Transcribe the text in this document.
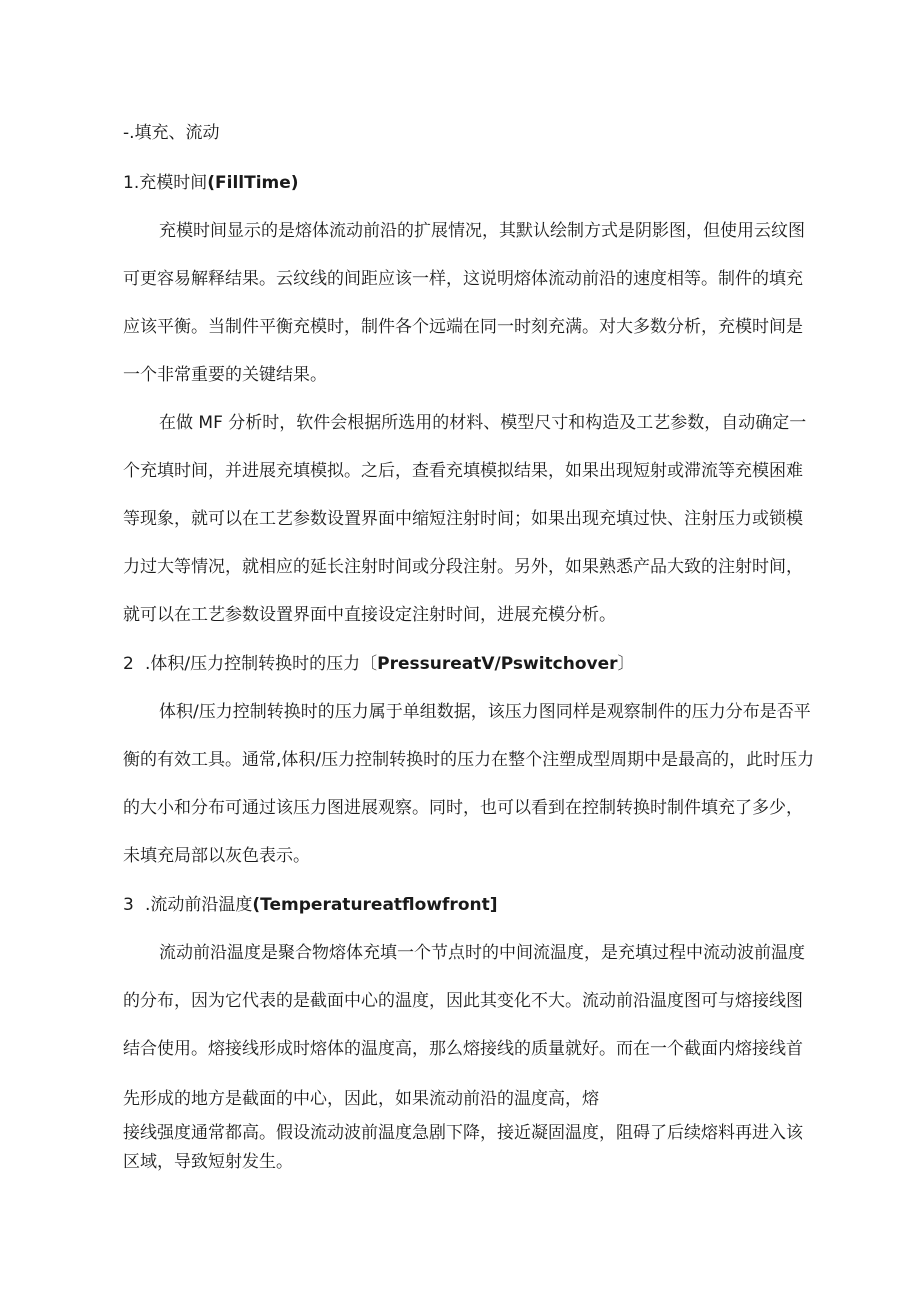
-.填充、流动
1.充模时间(FillTime)
充模时间显示的是熔体流动前沿的扩展情况，其默认绘制方式是阴影图，但使用云纹图
可更容易解释结果。云纹线的间距应该一样，这说明熔体流动前沿的速度相等。制件的填充
应该平衡。当制件平衡充模时，制件各个远端在同一时刻充满。对大多数分析，充模时间是
一个非常重要的关键结果。
在做 MF 分析时，软件会根据所选用的材料、模型尺寸和构造及工艺参数，自动确定一
个充填时间，并进展充填模拟。之后，查看充填模拟结果，如果出现短射或滞流等充模困难
等现象，就可以在工艺参数设置界面中缩短注射时间；如果出现充填过快、注射压力或锁模
力过大等情况，就相应的延长注射时间或分段注射。另外，如果熟悉产品大致的注射时间，
就可以在工艺参数设置界面中直接设定注射时间，进展充模分析。
2 .体积/压力控制转换时的压力〔PressureatV/Pswitchover〕
体积/压力控制转换时的压力属于单组数据，该压力图同样是观察制件的压力分布是否平
衡的有效工具。通常,体积/压力控制转换时的压力在整个注塑成型周期中是最高的，此时压力
的大小和分布可通过该压力图进展观察。同时，也可以看到在控制转换时制件填充了多少，
未填充局部以灰色表示。
3 .流动前沿温度(Temperatureatflowfront]
流动前沿温度是聚合物熔体充填一个节点时的中间流温度，是充填过程中流动波前温度
的分布，因为它代表的是截面中心的温度，因此其变化不大。流动前沿温度图可与熔接线图
结合使用。熔接线形成时熔体的温度高，那么熔接线的质量就好。而在一个截面内熔接线首
先形成的地方是截面的中心，因此，如果流动前沿的温度高，熔
接线强度通常都高。假设流动波前温度急剧下降，接近凝固温度，阻碍了后续熔料再进入该
区域，导致短射发生。
